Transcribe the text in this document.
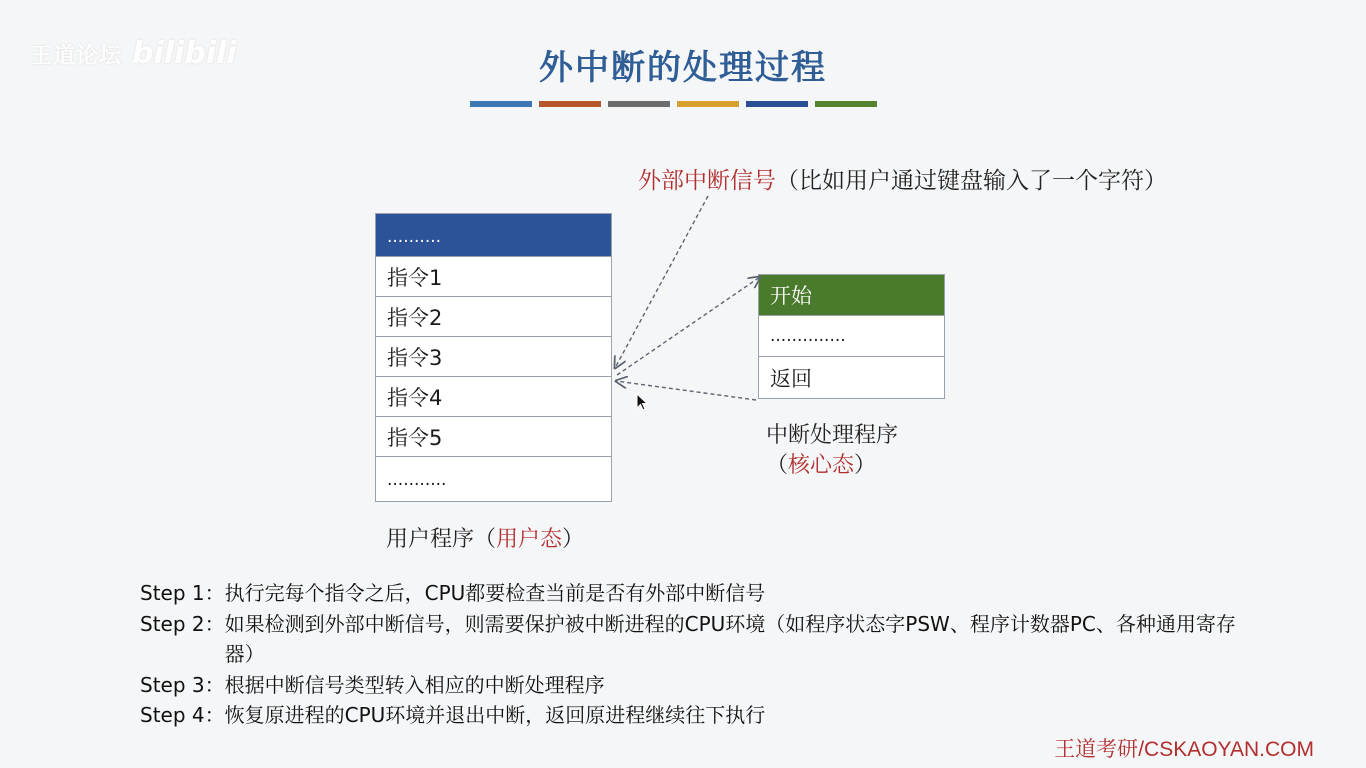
王道论坛 bilibili	外中断的处理过程
外部中断信号（比如用户通过键盘输入了一个字符）
..........
指令1
指令2
指令3
指令4
指令5
...........
用户程序（用户态）
开始
..............
返回
中断处理程序
（核心态）
Step 1： 执行完每个指令之后，CPU都要检查当前是否有外部中断信号
Step 2： 如果检测到外部中断信号，则需要保护被中断进程的CPU环境（如程序状态字PSW、程序计数器PC、各种通用寄存器）
Step 3： 根据中断信号类型转入相应的中断处理程序
Step 4： 恢复原进程的CPU环境并退出中断，返回原进程继续往下执行
王道考研/CSKAOYAN.COM
